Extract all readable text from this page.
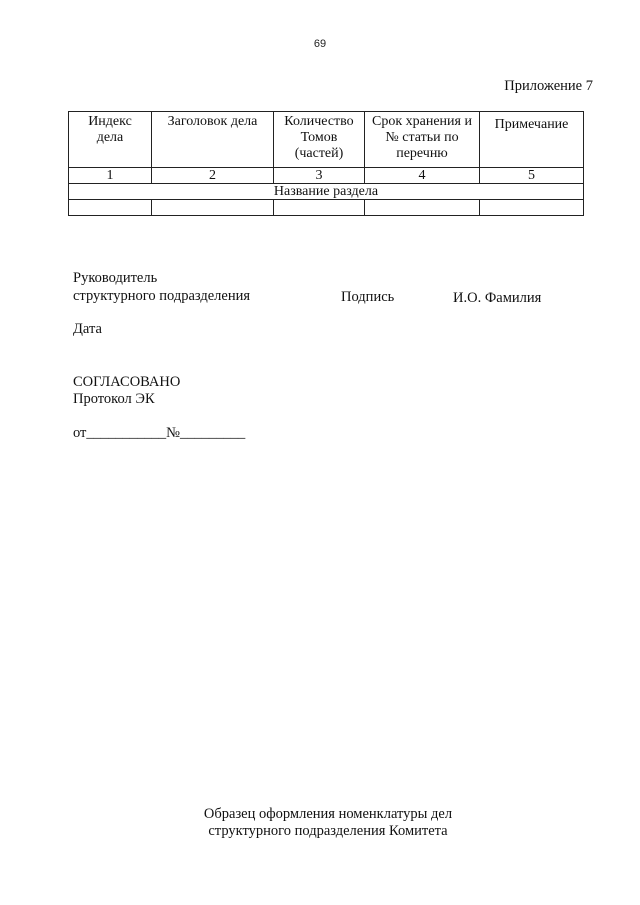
69
Приложение 7
Индекс дела	Заголовок дела	Количество Томов (частей)	Срок хранения и № статьи по перечню	Примечание
1	2	3	4	5
Название раздела				

Руководитель
структурного подразделения	Подпись	И.О. Фамилия
Дата
СОГЛАСОВАНО
Протокол ЭК
от___________№_________
Образец оформления номенклатуры дел
структурного подразделения Комитета
